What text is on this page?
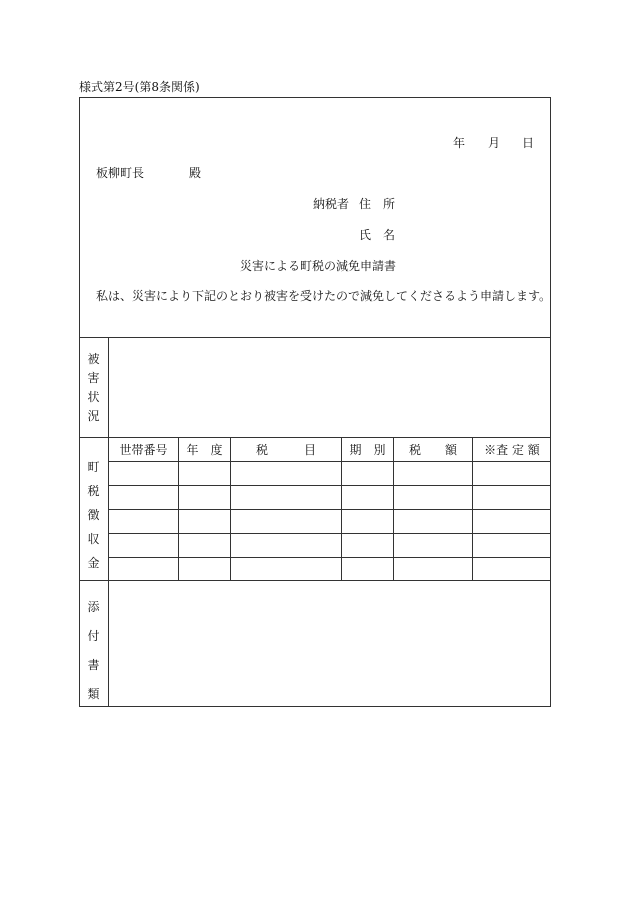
様式第2号(第8条関係)
年 月 日
板柳町長	殿
納税者 住　所
氏　名
災害による町税の減免申請書
私は、災害により下記のとおり被害を受けたので減免してくださるよう申請します。
被
害
状
況
町
税
徴
収
金
世帯番号	年　度	税　　　目	期　別	税　　額	※査 定 額
添
付
書
類
